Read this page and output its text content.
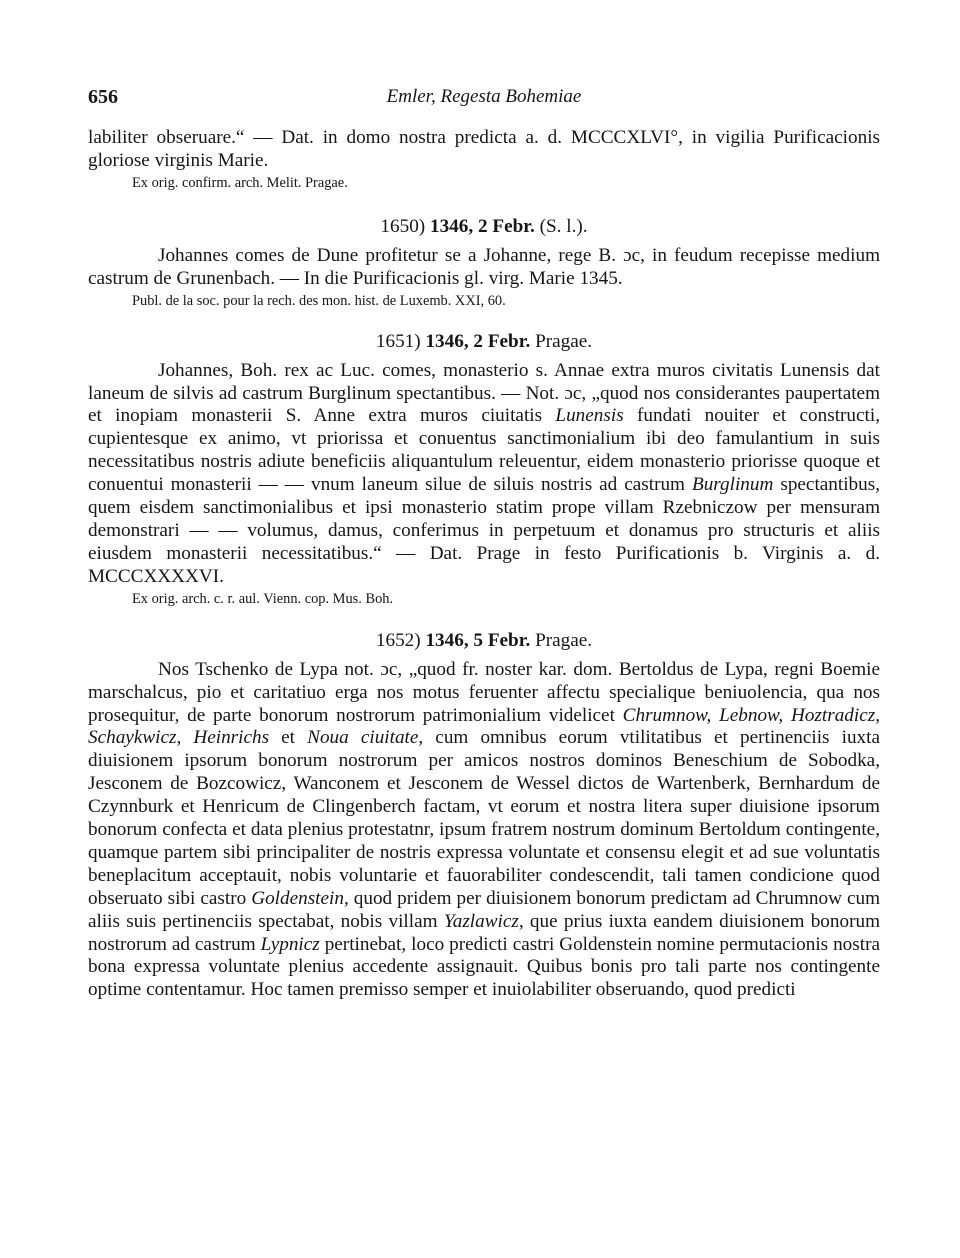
656	Emler, Regesta Bohemiae

labiliter obseruare.“ — Dat. in domo nostra predicta a. d. MCCCXLVI°, in vigilia Purificacionis gloriose virginis Marie.

Ex orig. confirm. arch. Melit. Pragae.

1650) 1346, 2 Febr. (S. l.).

Johannes comes de Dune profitetur se a Johanne, rege B. ɔc, in feudum recepisse medium castrum de Grunenbach. — In die Purificacionis gl. virg. Marie 1345.

Publ. de la soc. pour la rech. des mon. hist. de Luxemb. XXI, 60.

1651) 1346, 2 Febr. Pragae.

Johannes, Boh. rex ac Luc. comes, monasterio s. Annae extra muros civitatis Lunensis dat laneum de silvis ad castrum Burglinum spectantibus. — Not. ɔc, „quod nos considerantes paupertatem et inopiam monasterii S. Anne extra muros ciuitatis Lunensis fundati nouiter et constructi, cupientesque ex animo, vt priorissa et conuentus sanctimonialium ibi deo famulantium in suis necessitatibus nostris adiute beneficiis aliquantulum releuentur, eidem monasterio priorisse quoque et conuentui monasterii — — vnum laneum silue de siluis nostris ad castrum Burglinum spectantibus, quem eisdem sanctimonialibus et ipsi monasterio statim prope villam Rzebniczow per mensuram demonstrari — — volumus, damus, conferimus in perpetuum et donamus pro structuris et aliis eiusdem monasterii necessitatibus.“ — Dat. Prage in festo Purificationis b. Virginis a. d. MCCCXXXXVI.

Ex orig. arch. c. r. aul. Vienn. cop. Mus. Boh.

1652) 1346, 5 Febr. Pragae.

Nos Tschenko de Lypa not. ɔc, „quod fr. noster kar. dom. Bertoldus de Lypa, regni Boemie marschalcus, pio et caritatiuo erga nos motus feruenter affectu specialique beniuolencia, qua nos prosequitur, de parte bonorum nostrorum patrimonialium videlicet Chrumnow, Lebnow, Hoztradicz, Schaykwicz, Heinrichs et Noua ciuitate, cum omnibus eorum vtilitatibus et pertinenciis iuxta diuisionem ipsorum bonorum nostrorum per amicos nostros dominos Beneschium de Sobodka, Jesconem de Bozcowicz, Wanconem et Jesconem de Wessel dictos de Wartenberk, Bernhardum de Czynnburk et Henricum de Clingenberch factam, vt eorum et nostra litera super diuisione ipsorum bonorum confecta et data plenius protestatnr, ipsum fratrem nostrum dominum Bertoldum contingente, quamque partem sibi principaliter de nostris expressa voluntate et consensu elegit et ad sue voluntatis beneplacitum acceptauit, nobis voluntarie et fauorabiliter condescendit, tali tamen condicione quod obseruato sibi castro Goldenstein, quod pridem per diuisionem bonorum predictam ad Chrumnow cum aliis suis pertinenciis spectabat, nobis villam Yazlawicz, que prius iuxta eandem diuisionem bonorum nostrorum ad castrum Lypnicz pertinebat, loco predicti castri Goldenstein nomine permutacionis nostra bona expressa voluntate plenius accedente assignauit. Quibus bonis pro tali parte nos contingente optime contentamur. Hoc tamen premisso semper et inuiolabiliter obseruando, quod predicti
